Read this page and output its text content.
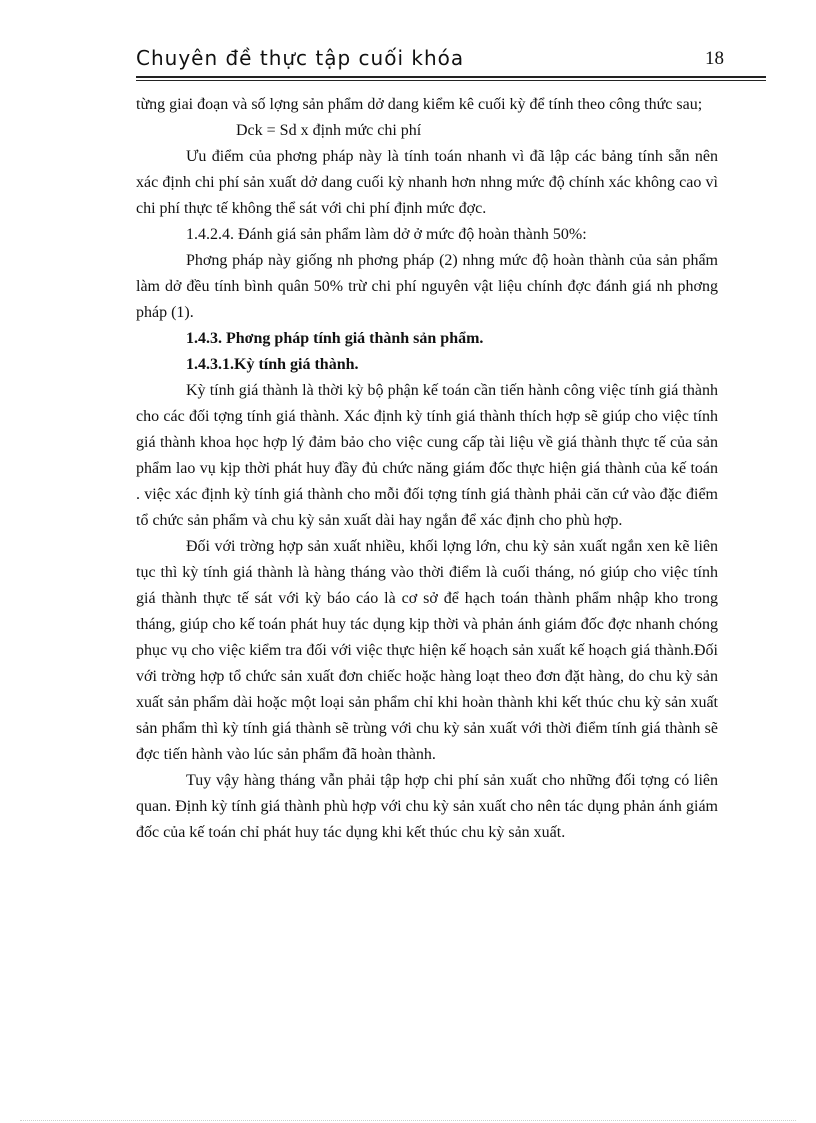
Chuyên đề thực tập cuối khóa	18

từng giai đoạn và số lợng sản phẩm dở dang kiểm kê cuối kỳ để tính theo công thức sau;

Dck = Sd x định mức chi phí

Ưu điểm của phơng pháp này là tính toán nhanh vì đã lập các bảng tính sẵn nên xác định chi phí sản xuất dở dang cuối kỳ nhanh hơn nhng mức độ chính xác không cao vì chi phí thực tế không thể sát với chi phí định mức đợc.

1.4.2.4. Đánh giá sản phẩm làm dở ở mức độ hoàn thành 50%:

Phơng pháp này giống nh phơng pháp (2) nhng mức độ hoàn thành của sản phẩm làm dở đều tính bình quân 50% trừ chi phí nguyên vật liệu chính đợc đánh giá nh phơng pháp (1).

1.4.3. Phơng pháp tính giá thành sản phẩm.

1.4.3.1.Kỳ tính giá thành.

Kỳ tính giá thành là thời kỳ bộ phận kế toán cần tiến hành công việc tính giá thành cho các đối tợng tính giá thành. Xác định kỳ tính giá thành thích hợp sẽ giúp cho việc tính giá thành khoa học hợp lý đảm bảo cho việc cung cấp tài liệu về giá thành thực tế của sản phẩm lao vụ kịp thời phát huy đầy đủ chức năng giám đốc thực hiện giá thành của kế toán . việc xác định kỳ tính giá thành cho mỗi đối tợng tính giá thành phải căn cứ vào đặc điểm tổ chức sản phẩm và chu kỳ sản xuất dài hay ngắn để xác định cho phù hợp.

Đối với trờng hợp sản xuất nhiều, khối lợng lớn, chu kỳ sản xuất ngắn xen kẽ liên tục thì kỳ tính giá thành là hàng tháng vào thời điểm là cuối tháng, nó giúp cho việc tính giá thành thực tế sát với kỳ báo cáo là cơ sở để hạch toán thành phẩm nhập kho trong tháng, giúp cho kế toán phát huy tác dụng kịp thời và phản ánh giám đốc đợc nhanh chóng phục vụ cho việc kiểm tra đối với việc thực hiện kế hoạch sản xuất kế hoạch giá thành.Đối với trờng hợp tổ chức sản xuất đơn chiếc hoặc hàng loạt theo đơn đặt hàng, do chu kỳ sản xuất sản phẩm dài hoặc một loại sản phẩm chỉ khi hoàn thành khi kết thúc chu kỳ sản xuất sản phẩm thì kỳ tính giá thành sẽ trùng với chu kỳ sản xuất với thời điểm tính giá thành sẽ đợc tiến hành vào lúc sản phẩm đã hoàn thành.

Tuy vậy hàng tháng vẫn phải tập hợp chi phí sản xuất cho những đối tợng có liên quan. Định kỳ tính giá thành phù hợp với chu kỳ sản xuất cho nên tác dụng phản ánh giám đốc của kế toán chỉ phát huy tác dụng khi kết thúc chu kỳ sản xuất.
